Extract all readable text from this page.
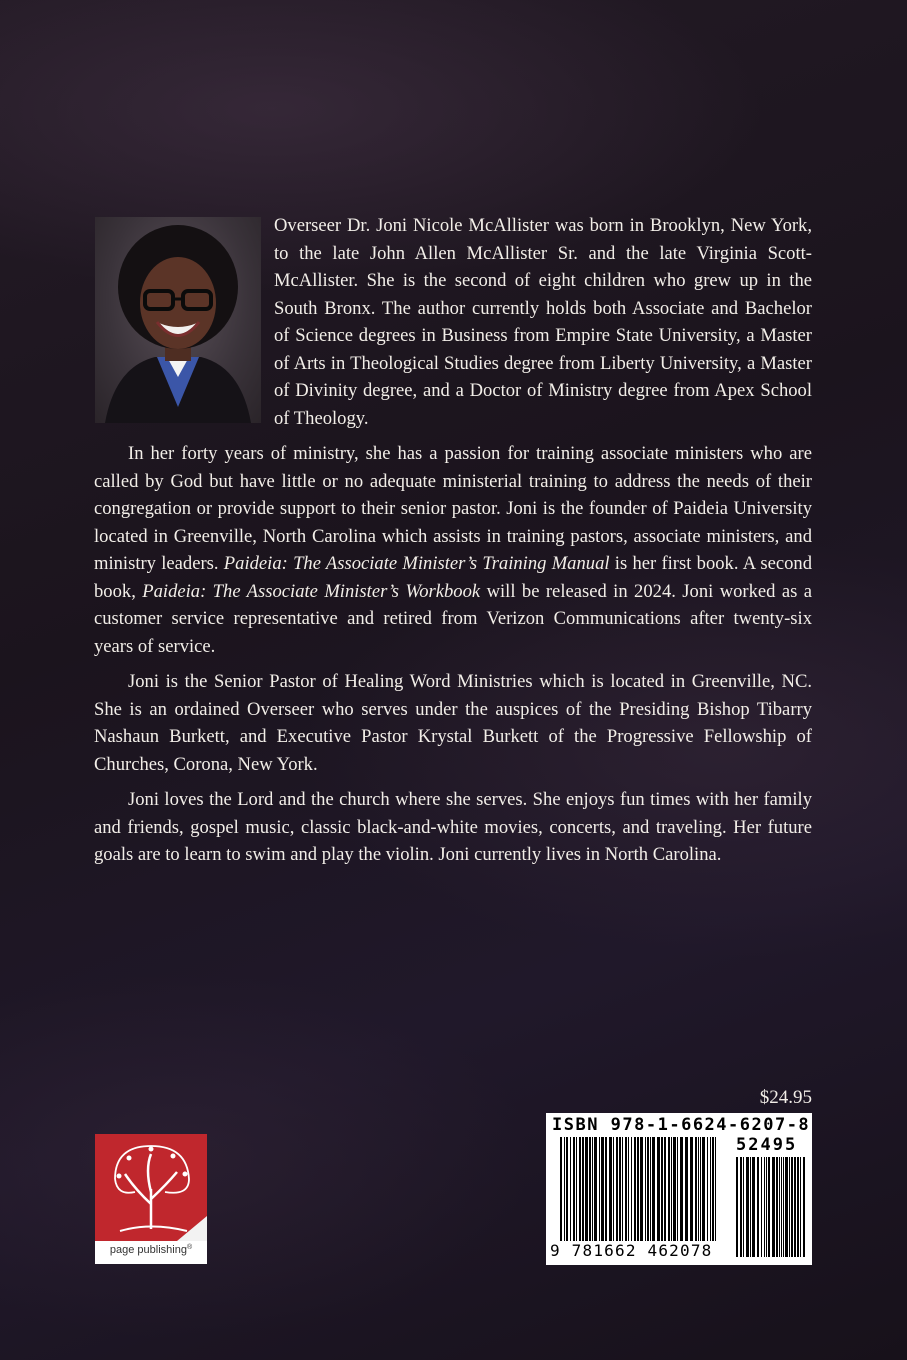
Overseer Dr. Joni Nicole McAllister was born in Brooklyn, New York, to the late John Allen McAllister Sr. and the late Virginia Scott-McAllister. She is the second of eight children who grew up in the South Bronx. The author currently holds both Associate and Bachelor of Science degrees in Business from Empire State University, a Master of Arts in Theological Studies degree from Liberty University, a Master of Divinity degree, and a Doctor of Ministry degree from Apex School of Theology.

In her forty years of ministry, she has a passion for training associate ministers who are called by God but have little or no adequate ministerial training to address the needs of their congregation or provide support to their senior pastor. Joni is the founder of Paideia University located in Greenville, North Carolina which assists in training pastors, associate ministers, and ministry leaders. Paideia: The Associate Minister’s Training Manual is her first book. A second book, Paideia: The Associate Minister’s Workbook will be released in 2024. Joni worked as a customer service representative and retired from Verizon Communications after twenty-six years of service.

Joni is the Senior Pastor of Healing Word Ministries which is located in Greenville, NC. She is an ordained Overseer who serves under the auspices of the Presiding Bishop Tibarry Nashaun Burkett, and Executive Pastor Krystal Burkett of the Progressive Fellowship of Churches, Corona, New York.

Joni loves the Lord and the church where she serves. She enjoys fun times with her family and friends, gospel music, classic black-and-white movies, concerts, and traveling. Her future goals are to learn to swim and play the violin. Joni currently lives in North Carolina.

$24.95
ISBN 978-1-6624-6207-8
52495
9 781662 462078
page publishing®
